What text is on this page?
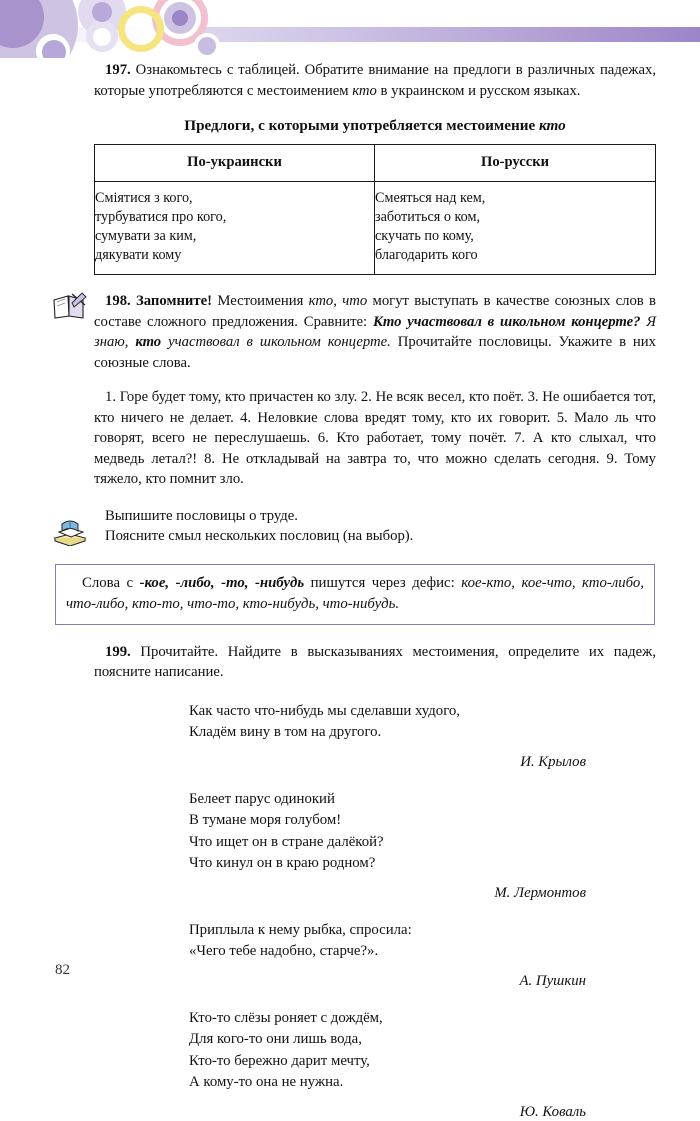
197. Ознакомьтесь с таблицей. Обратите внимание на предлоги в различных падежах, которые употребляются с местоимением кто в украинском и русском языках.

Предлоги, с которыми употребляется местоимение кто

По-украински	По-русски

Сміятися з кого,
турбуватися про кого,
сумувати за ким,
дякувати кому	Смеяться над кем,
заботиться о ком,
скучать по кому,
благодарить кого

198. Запомните! Местоимения кто, что могут выступать в качестве союзных слов в составе сложного предложения. Сравните: Кто участвовал в школьном концерте? Я знаю, кто участвовал в школьном концерте. Прочитайте пословицы. Укажите в них союзные слова.

1. Горе будет тому, кто причастен ко злу. 2. Не всяк весел, кто поёт. 3. Не ошибается тот, кто ничего не делает. 4. Неловкие слова вредят тому, кто их говорит. 5. Мало ль что говорят, всего не переслушаешь. 6. Кто работает, тому почёт. 7. А кто слыхал, что медведь летал?! 8. Не откладывай на завтра то, что можно сделать сегодня. 9. Тому тяжело, кто помнит зло.

Выпишите пословицы о труде.

Поясните смыл нескольких пословиц (на выбор).

Слова с -кое, -либо, -то, -нибудь пишутся через дефис: кое-кто, кое-что, кто-либо, что-либо, кто-то, что-то, кто-нибудь, что-нибудь.

199. Прочитайте. Найдите в высказываниях местоимения, определите их падеж, поясните написание.

Как часто что-нибудь мы сделавши худого,
Кладём вину в том на другого.

И. Крылов

Белеет парус одинокий
В тумане моря голубом!
Что ищет он в стране далёкой?
Что кинул он в краю родном?

М. Лермонтов

Приплыла к нему рыбка, спросила:
«Чего тебе надобно, старче?».

А. Пушкин

Кто-то слёзы роняет с дождём,
Для кого-то они лишь вода,
Кто-то бережно дарит мечту,
А кому-то она не нужна.

Ю. Коваль

82
